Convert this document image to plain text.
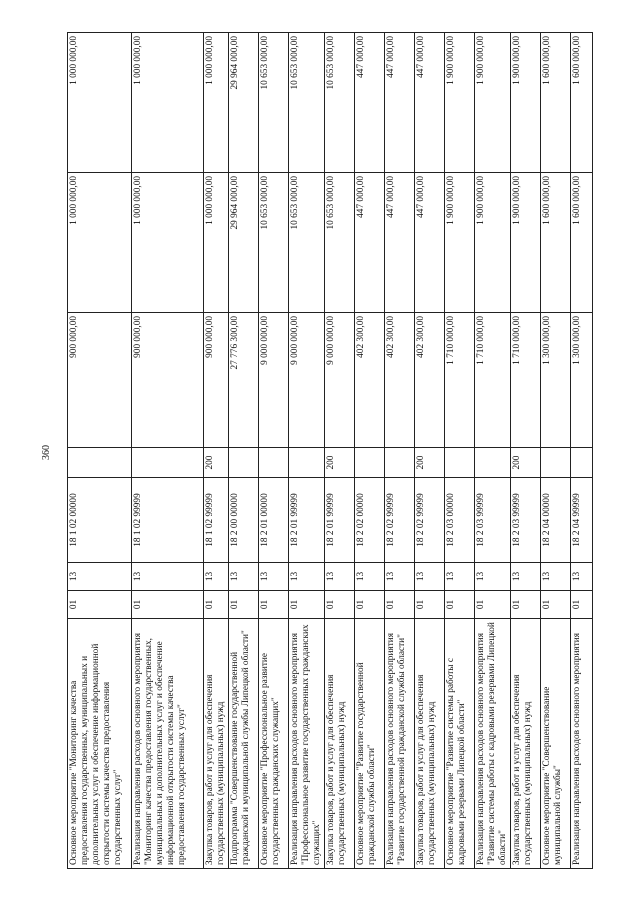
360
Основное мероприятие "Мониторинг качества предоставления государственных, муниципальных и дополнительных услуг и обеспечение информационной открытости системы качества предоставления государственных услуг"	01	13	18 1 02 00000		900 000,00	1 000 000,00	1 000 000,00
Реализация направления расходов основного мероприятия "Мониторинг качества предоставления государственных, муниципальных и дополнительных услуг и обеспечение информационной открытости системы качества предоставления государственных услуг"	01	13	18 1 02 99999		900 000,00	1 000 000,00	1 000 000,00
Закупка товаров, работ и услуг для обеспечения государственных (муниципальных) нужд	01	13	18 1 02 99999	200	900 000,00	1 000 000,00	1 000 000,00
Подпрограмма "Совершенствование государственной гражданской и муниципальной службы Липецкой области"	01	13	18 2 00 00000		27 776 300,00	29 964 000,00	29 964 000,00
Основное мероприятие "Профессиональное развитие государственных гражданских служащих"	01	13	18 2 01 00000		9 000 000,00	10 653 000,00	10 653 000,00
Реализация направления расходов основного мероприятия "Профессиональное развитие государственных гражданских служащих"	01	13	18 2 01 99999		9 000 000,00	10 653 000,00	10 653 000,00
Закупка товаров, работ и услуг для обеспечения государственных (муниципальных) нужд	01	13	18 2 01 99999	200	9 000 000,00	10 653 000,00	10 653 000,00
Основное мероприятие "Развитие государственной гражданской службы области"	01	13	18 2 02 00000		402 300,00	447 000,00	447 000,00
Реализация направления расходов основного мероприятия "Развитие государственной гражданской службы области"	01	13	18 2 02 99999		402 300,00	447 000,00	447 000,00
Закупка товаров, работ и услуг для обеспечения государственных (муниципальных) нужд	01	13	18 2 02 99999	200	402 300,00	447 000,00	447 000,00
Основное мероприятие "Развитие системы работы с кадровыми резервами Липецкой области"	01	13	18 2 03 00000		1 710 000,00	1 900 000,00	1 900 000,00
Реализация направления расходов основного мероприятия "Развитие системы работы с кадровыми резервами Липецкой области"	01	13	18 2 03 99999		1 710 000,00	1 900 000,00	1 900 000,00
Закупка товаров, работ и услуг для обеспечения государственных (муниципальных) нужд	01	13	18 2 03 99999	200	1 710 000,00	1 900 000,00	1 900 000,00
Основное мероприятие "Совершенствование муниципальной службы"	01	13	18 2 04 00000		1 300 000,00	1 600 000,00	1 600 000,00
Реализация направления расходов основного мероприятия	01	13	18 2 04 99999		1 300 000,00	1 600 000,00	1 600 000,00
